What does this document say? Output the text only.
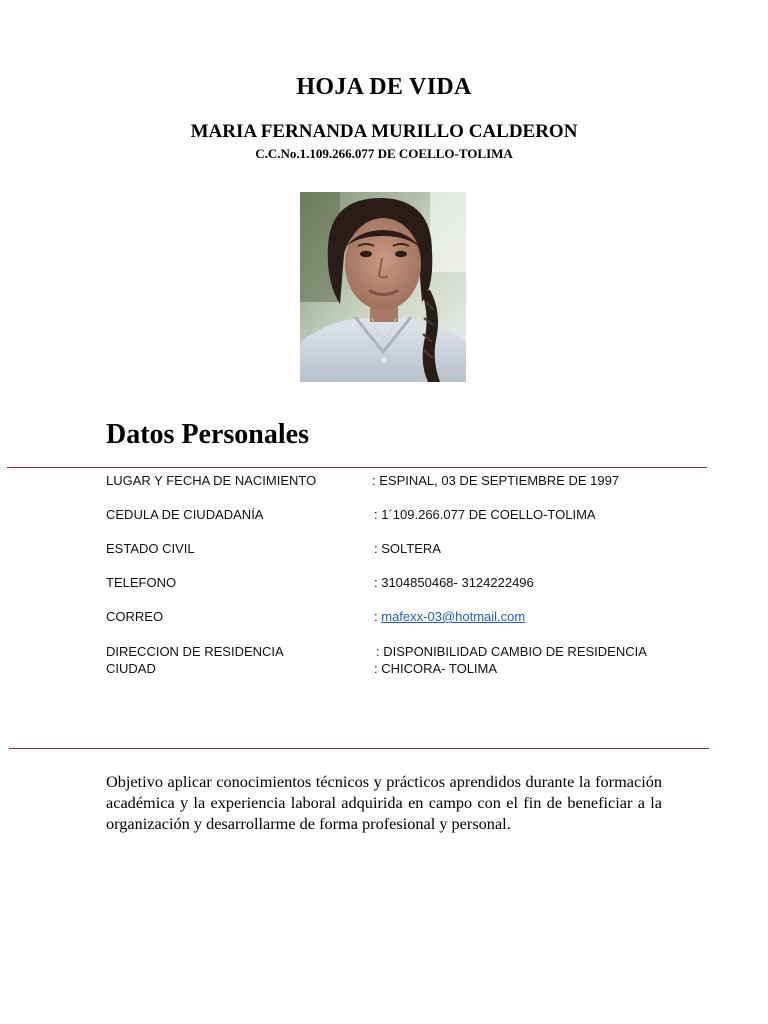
HOJA DE VIDA
MARIA FERNANDA MURILLO CALDERON
C.C.No.1.109.266.077 DE COELLO-TOLIMA
Datos Personales
LUGAR Y FECHA DE NACIMIENTO	: ESPINAL, 03 DE SEPTIEMBRE DE 1997
CEDULA DE CIUDADANÍA	: 1´109.266.077 DE COELLO-TOLIMA
ESTADO CIVIL	: SOLTERA
TELEFONO	: 3104850468- 3124222496
CORREO	: mafexx-03@hotmail.com
DIRECCION DE RESIDENCIA	: DISPONIBILIDAD CAMBIO DE RESIDENCIA
CIUDAD	: CHICORA- TOLIMA
Objetivo aplicar conocimientos técnicos y prácticos aprendidos durante la formación académica y la experiencia laboral adquirida en campo con el fin de beneficiar a la organización y desarrollarme de forma profesional y personal.
